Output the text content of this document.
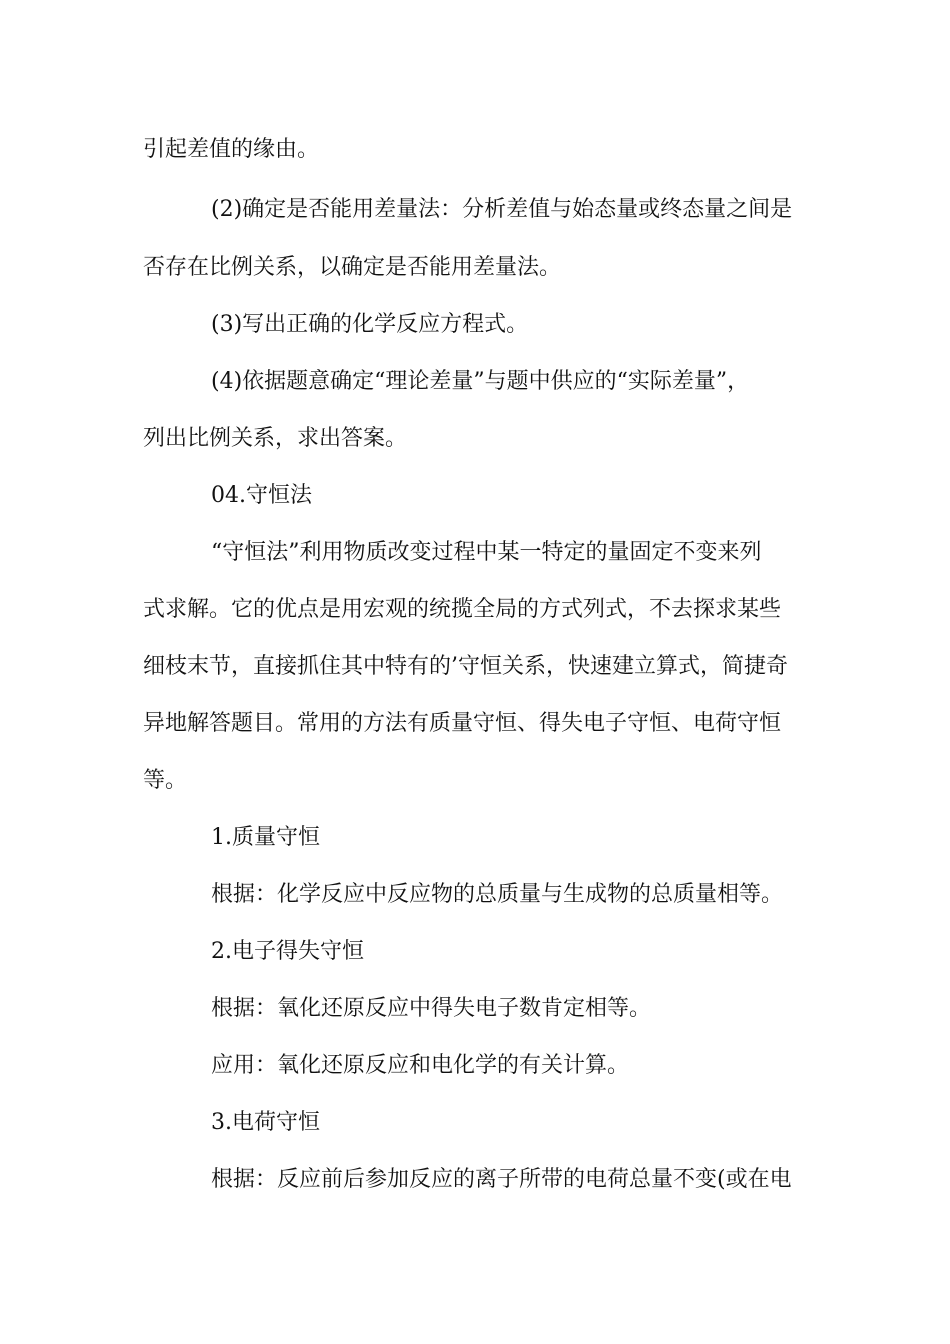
引起差值的缘由。
(2)确定是否能用差量法：分析差值与始态量或终态量之间是
否存在比例关系，以确定是否能用差量法。
(3)写出正确的化学反应方程式。
(4)依据题意确定“理论差量”与题中供应的“实际差量”，
列出比例关系，求出答案。
04.守恒法
“守恒法”利用物质改变过程中某一特定的量固定不变来列
式求解。它的优点是用宏观的统揽全局的方式列式，不去探求某些
细枝末节，直接抓住其中特有的’守恒关系，快速建立算式，简捷奇
异地解答题目。常用的方法有质量守恒、得失电子守恒、电荷守恒
等。
1.质量守恒
根据：化学反应中反应物的总质量与生成物的总质量相等。
2.电子得失守恒
根据：氧化还原反应中得失电子数肯定相等。
应用：氧化还原反应和电化学的有关计算。
3.电荷守恒
根据：反应前后参加反应的离子所带的电荷总量不变(或在电
